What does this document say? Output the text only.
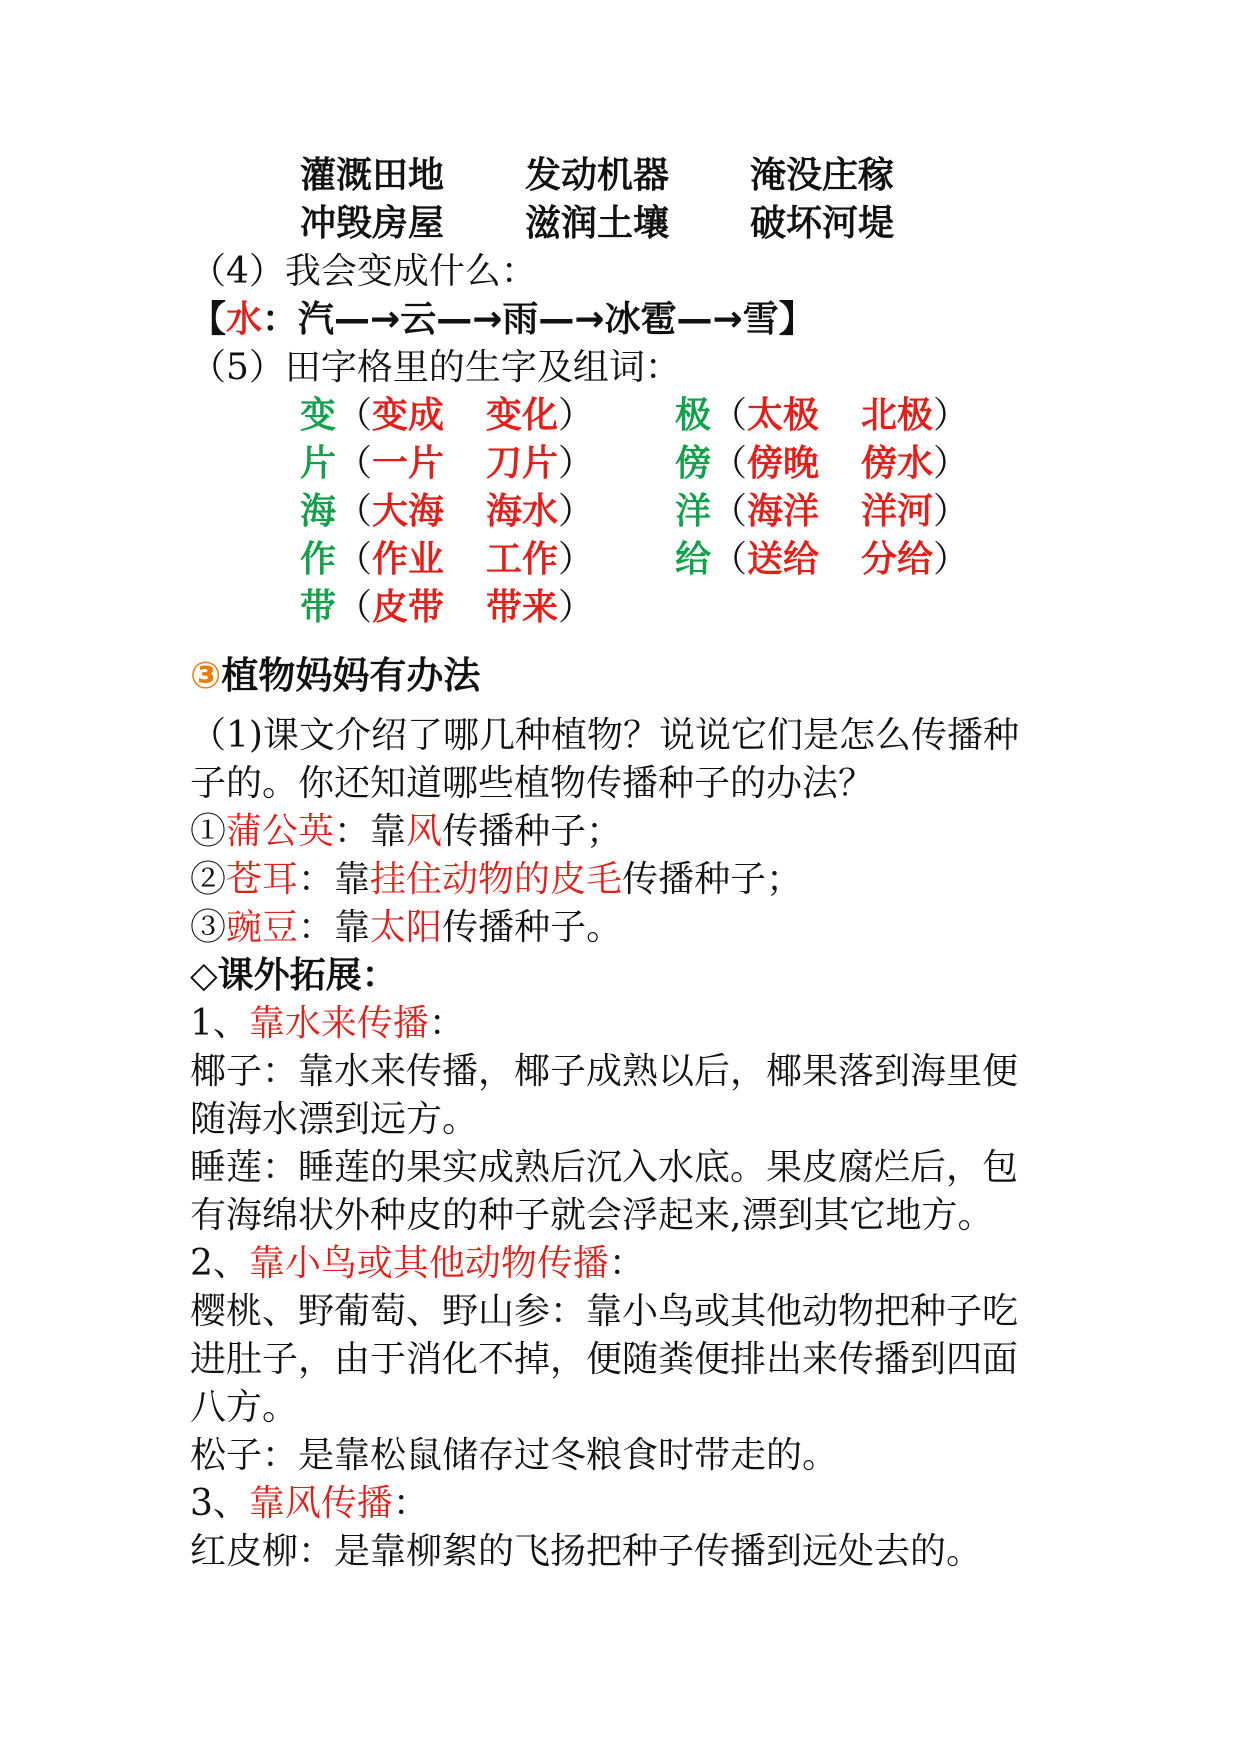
灌溉田地 发动机器 淹没庄稼
冲毁房屋 滋润土壤 破坏河堤
（4）我会变成什么：
【水：汽—→云—→雨—→冰雹—→雪】
（5）田字格里的生字及组词：
变 （ 变成 变化 ） 极 （ 太极 北极 ）
片 （ 一片 刀片 ） 傍 （ 傍晚 傍水 ）
海 （ 大海 海水 ） 洋 （ 海洋 洋河 ）
作 （ 作业 工作 ） 给 （ 送给 分给 ）
带 （ 皮带 带来 ）
③植物妈妈有办法
（1)课文介绍了哪几种植物？说说它们是怎么传播种
子的。你还知道哪些植物传播种子的办法？
①蒲公英：靠风传播种子；
②苍耳：靠挂住动物的皮毛传播种子；
③豌豆：靠太阳传播种子。
◇课外拓展：
1、靠水来传播：
椰子：靠水来传播，椰子成熟以后，椰果落到海里便
随海水漂到远方。
睡莲：睡莲的果实成熟后沉入水底。果皮腐烂后，包
有海绵状外种皮的种子就会浮起来,漂到其它地方。
2、靠小鸟或其他动物传播：
樱桃、野葡萄、野山参：靠小鸟或其他动物把种子吃
进肚子，由于消化不掉，便随粪便排出来传播到四面
八方。
松子：是靠松鼠储存过冬粮食时带走的。
3、靠风传播：
红皮柳：是靠柳絮的飞扬把种子传播到远处去的。
